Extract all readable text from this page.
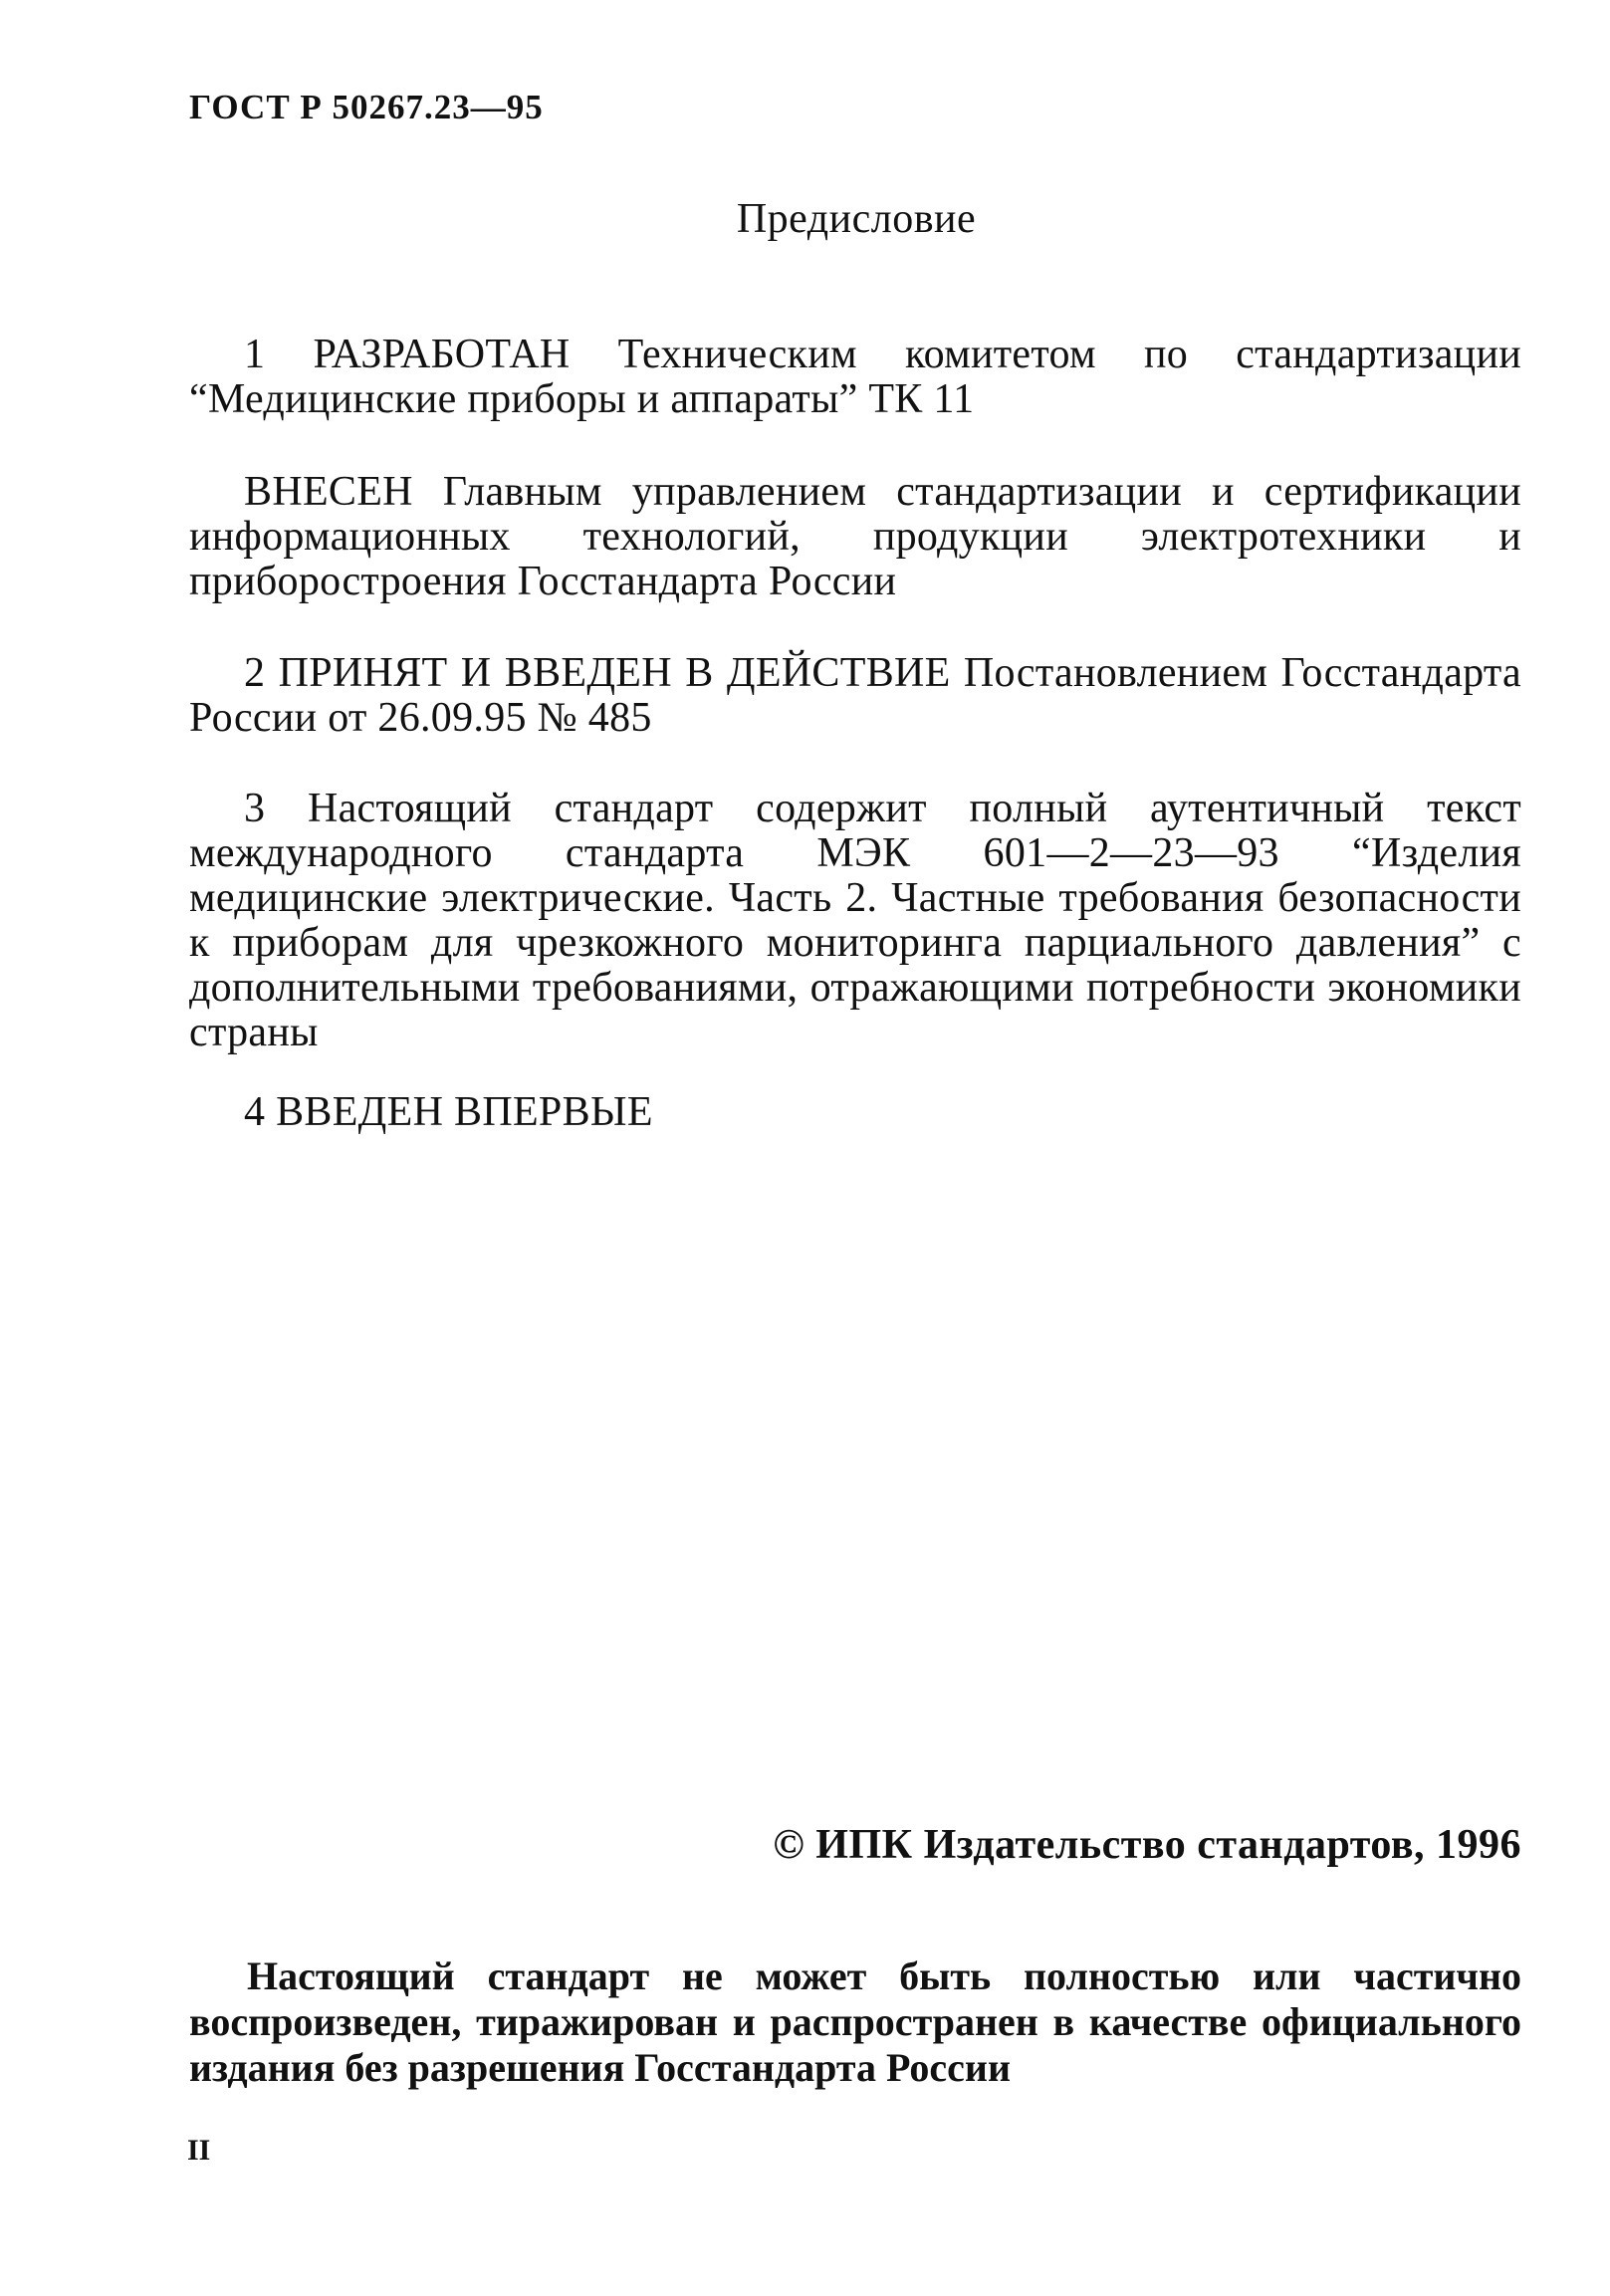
ГОСТ Р 50267.23—95
Предисловие

1 РАЗРАБОТАН Техническим комитетом по стандартизации “Медицинские приборы и аппараты” ТК 11

ВНЕСЕН Главным управлением стандартизации и сертификации информационных технологий, продукции электротехники и приборостроения Госстандарта России

2 ПРИНЯТ И ВВЕДЕН В ДЕЙСТВИЕ Постановлением Госстандарта России от 26.09.95 № 485

3 Настоящий стандарт содержит полный аутентичный текст международного стандарта МЭК 601—2—23—93 “Изделия медицинские электрические. Часть 2. Частные требования безопасности к приборам для чрезкожного мониторинга парциального давления” с дополнительными требованиями, отражающими потребности экономики страны

4 ВВЕДЕН ВПЕРВЫЕ

© ИПК Издательство стандартов, 1996

Настоящий стандарт не может быть полностью или частично воспроизведен, тиражирован и распространен в качестве официального издания без разрешения Госстандарта России

II
